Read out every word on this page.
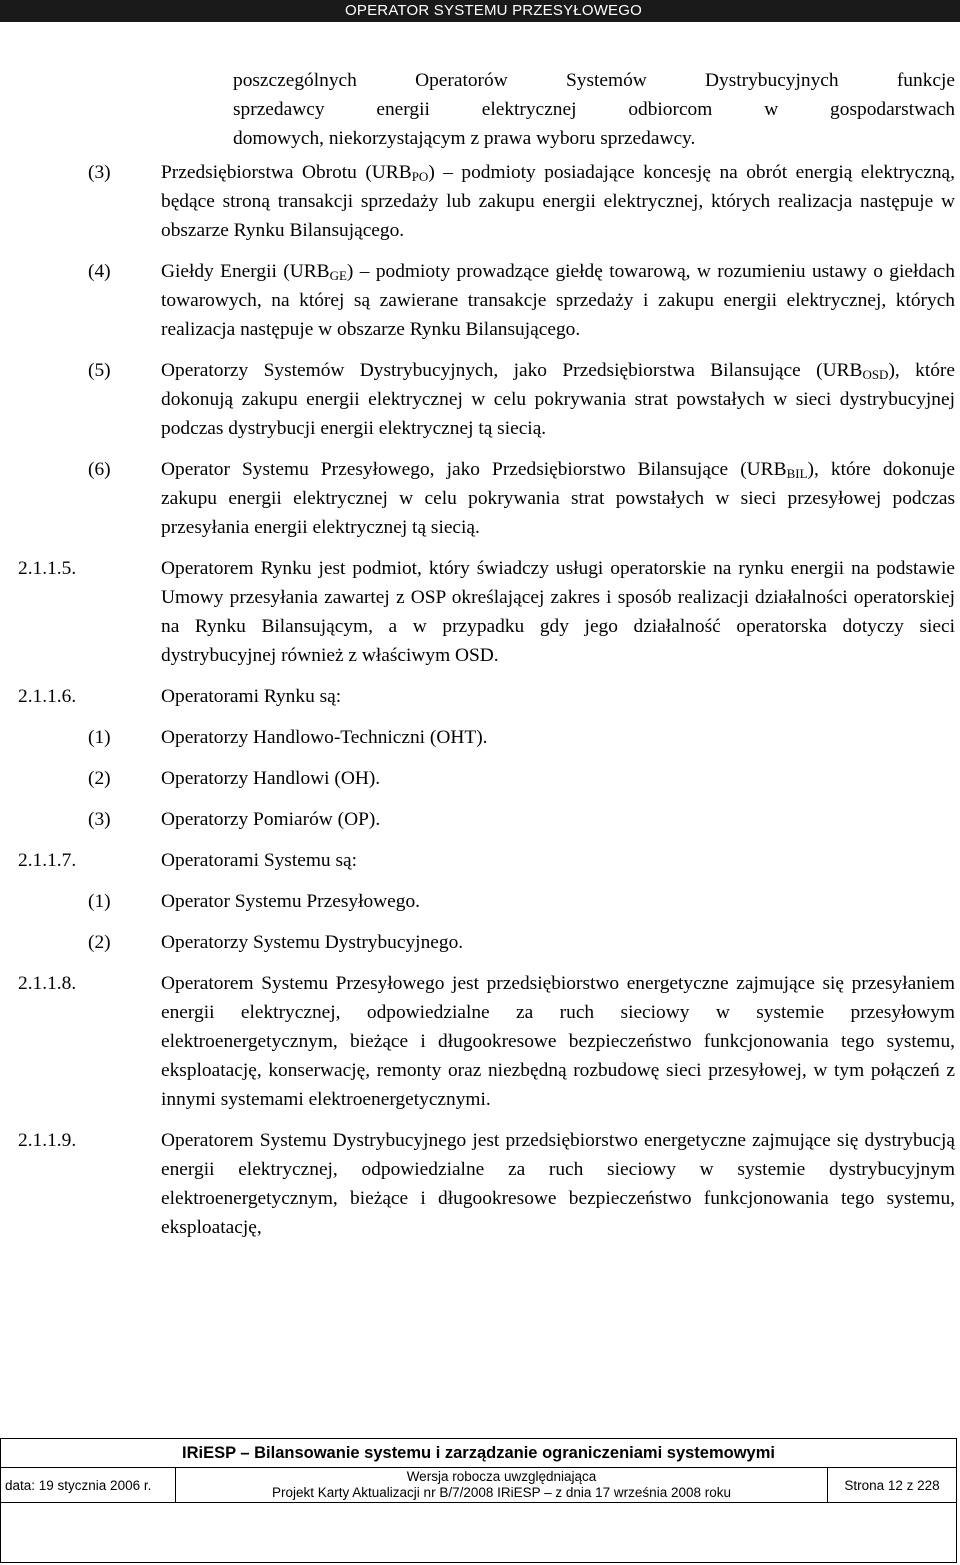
OPERATOR SYSTEMU PRZESYŁOWEGO
poszczególnych Operatorów Systemów Dystrybucyjnych funkcje
sprzedawcy energii elektrycznej odbiorcom w gospodarstwach
domowych, niekorzystającym z prawa wyboru sprzedawcy.
(3)	Przedsiębiorstwa Obrotu $(URB_{PO})$ – podmioty posiadające koncesję na obrót energią elektryczną, będące stroną transakcji sprzedaży lub zakupu energii elektrycznej, których realizacja następuje w obszarze Rynku Bilansującego.
(4)	Giełdy Energii $(URB_{GE})$ – podmioty prowadzące giełdę towarową, w rozumieniu ustawy o giełdach towarowych, na której są zawierane transakcje sprzedaży i zakupu energii elektrycznej, których realizacja następuje w obszarze Rynku Bilansującego.
(5)	Operatorzy Systemów Dystrybucyjnych, jako Przedsiębiorstwa Bilansujące $(URB_{OSD})$, które dokonują zakupu energii elektrycznej w celu pokrywania strat powstałych w sieci dystrybucyjnej podczas dystrybucji energii elektrycznej tą siecią.
(6)	Operator Systemu Przesyłowego, jako Przedsiębiorstwo Bilansujące $(URB_{BIL})$, które dokonuje zakupu energii elektrycznej w celu pokrywania strat powstałych w sieci przesyłowej podczas przesyłania energii elektrycznej tą siecią.
2.1.1.5.	Operatorem Rynku jest podmiot, który świadczy usługi operatorskie na rynku energii na podstawie Umowy przesyłania zawartej z OSP określającej zakres i sposób realizacji działalności operatorskiej na Rynku Bilansującym, a w przypadku gdy jego działalność operatorska dotyczy sieci dystrybucyjnej również z właściwym OSD.
2.1.1.6.	Operatorami Rynku są:
(1)	Operatorzy Handlowo-Techniczni (OHT).
(2)	Operatorzy Handlowi (OH).
(3)	Operatorzy Pomiarów (OP).
2.1.1.7.	Operatorami Systemu są:
(1)	Operator Systemu Przesyłowego.
(2)	Operatorzy Systemu Dystrybucyjnego.
2.1.1.8.	Operatorem Systemu Przesyłowego jest przedsiębiorstwo energetyczne zajmujące się przesyłaniem energii elektrycznej, odpowiedzialne za ruch sieciowy w systemie przesyłowym elektroenergetycznym, bieżące i długookresowe bezpieczeństwo funkcjonowania tego systemu, eksploatację, konserwację, remonty oraz niezbędną rozbudowę sieci przesyłowej, w tym połączeń z innymi systemami elektroenergetycznymi.
2.1.1.9.	Operatorem Systemu Dystrybucyjnego jest przedsiębiorstwo energetyczne zajmujące się dystrybucją energii elektrycznej, odpowiedzialne za ruch sieciowy w systemie dystrybucyjnym elektroenergetycznym, bieżące i długookresowe bezpieczeństwo funkcjonowania tego systemu, eksploatację,
IRiESP – Bilansowanie systemu i zarządzanie ograniczeniami systemowymi
data: 19 stycznia 2006 r.
Wersja robocza uwzględniająca
Projekt Karty Aktualizacji nr B/7/2008 IRiESP – z dnia 17 września 2008 roku	Strona 12 z 228
